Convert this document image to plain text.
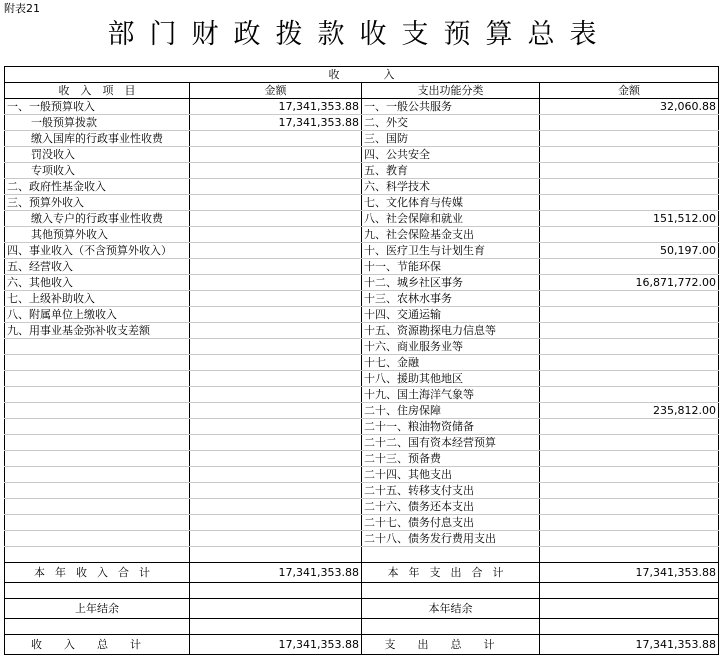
附表21
部门财政拨款收支预算总表
收　　　　入			
收　入　项　目	金额	支出功能分类	金额
一、一般预算收入	17,341,353.88	一、一般公共服务	32,060.88
一般预算拨款	17,341,353.88	二、外交	
缴入国库的行政事业性收费		三、国防	
罚没收入		四、公共安全	
专项收入		五、教育	
二、政府性基金收入		六、科学技术	
三、预算外收入		七、文化体育与传媒	
缴入专户的行政事业性收费		八、社会保障和就业	151,512.00
其他预算外收入		九、社会保险基金支出	
四、事业收入（不含预算外收入）		十、医疗卫生与计划生育	50,197.00
五、经营收入		十一、节能环保	
六、其他收入		十二、城乡社区事务	16,871,772.00
七、上级补助收入		十三、农林水事务	
八、附属单位上缴收入		十四、交通运输	
九、用事业基金弥补收支差额		十五、资源勘探电力信息等	
		十六、商业服务业等	
		十七、金融	
		十八、援助其他地区	
		十九、国土海洋气象等	
		二十、住房保障	235,812.00
		二十一、粮油物资储备	
		二十二、国有资本经营预算	
		二十三、预备费	
		二十四、其他支出	
		二十五、转移支付支出	
		二十六、债务还本支出	
		二十七、债务付息支出	
		二十八、债务发行费用支出	

本年收入合计	17,341,353.88	本年支出合计	17,341,353.88

上年结余		本年结余	

收入总计	17,341,353.88	支出总计	17,341,353.88
